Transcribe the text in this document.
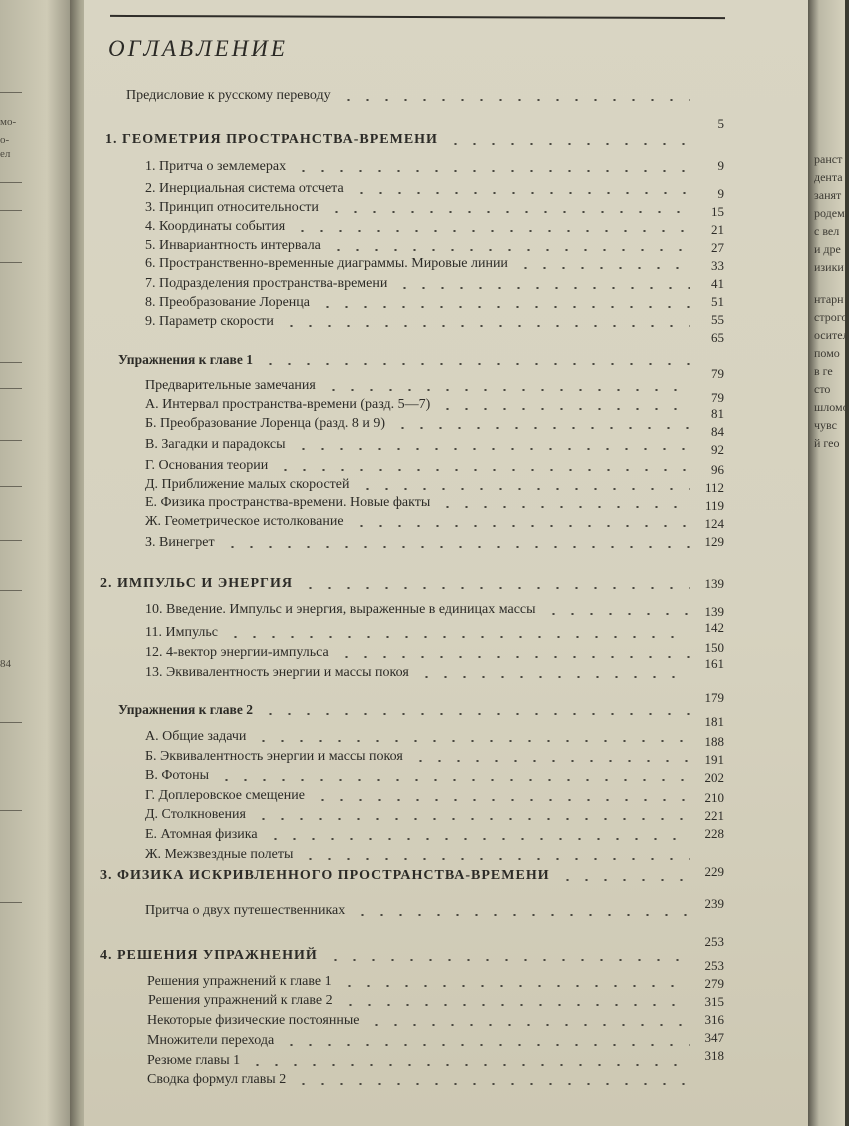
мо-
о-
ел
84
ранст
дента
занят
родем
с вел
и дре
изики
нтарн
строго
осител
помо
в ге
сто
шломо
чувс
й гео
ОГЛАВЛЕНИЕ
Предисловие к русскому переводу
1. ГЕОМЕТРИЯ ПРОСТРАНСТВА-ВРЕМЕНИ
1. Притча о землемерах
2. Инерциальная система отсчета
3. Принцип относительности
4. Координаты события
5. Инвариантность интервала
6. Пространственно-временные диаграммы. Мировые линии
7. Подразделения пространства-времени
8. Преобразование Лоренца
9. Параметр скорости
Упражнения к главе 1
Предварительные замечания
А. Интервал пространства-времени (разд. 5—7)
Б. Преобразование Лоренца (разд. 8 и 9)
В. Загадки и парадоксы
Г. Основания теории
Д. Приближение малых скоростей
Е. Физика пространства-времени. Новые факты
Ж. Геометрическое истолкование
З. Винегрет
2. ИМПУЛЬС И ЭНЕРГИЯ
10. Введение. Импульс и энергия, выраженные в единицах массы
11. Импульс
12. 4-вектор энергии-импульса
13. Эквивалентность энергии и массы покоя
Упражнения к главе 2
А. Общие задачи
Б. Эквивалентность энергии и массы покоя
В. Фотоны
Г. Доплеровское смещение
Д. Столкновения
Е. Атомная физика
Ж. Межзвездные полеты
3. ФИЗИКА ИСКРИВЛЕННОГО ПРОСТРАНСТВА-ВРЕМЕНИ
Притча о двух путешественниках
4. РЕШЕНИЯ УПРАЖНЕНИЙ
Решения упражнений к главе 1
Решения упражнений к главе 2
Некоторые физические постоянные
Множители перехода
Резюме главы 1
Сводка формул главы 2
5
9
9
15
21
27
33
41
51
55
65
79
79
81
84
92
96
112
119
124
129
139
139
142
150
161
179
181
188
191
202
210
221
228
229
239
253
253
279
315
316
347
318
